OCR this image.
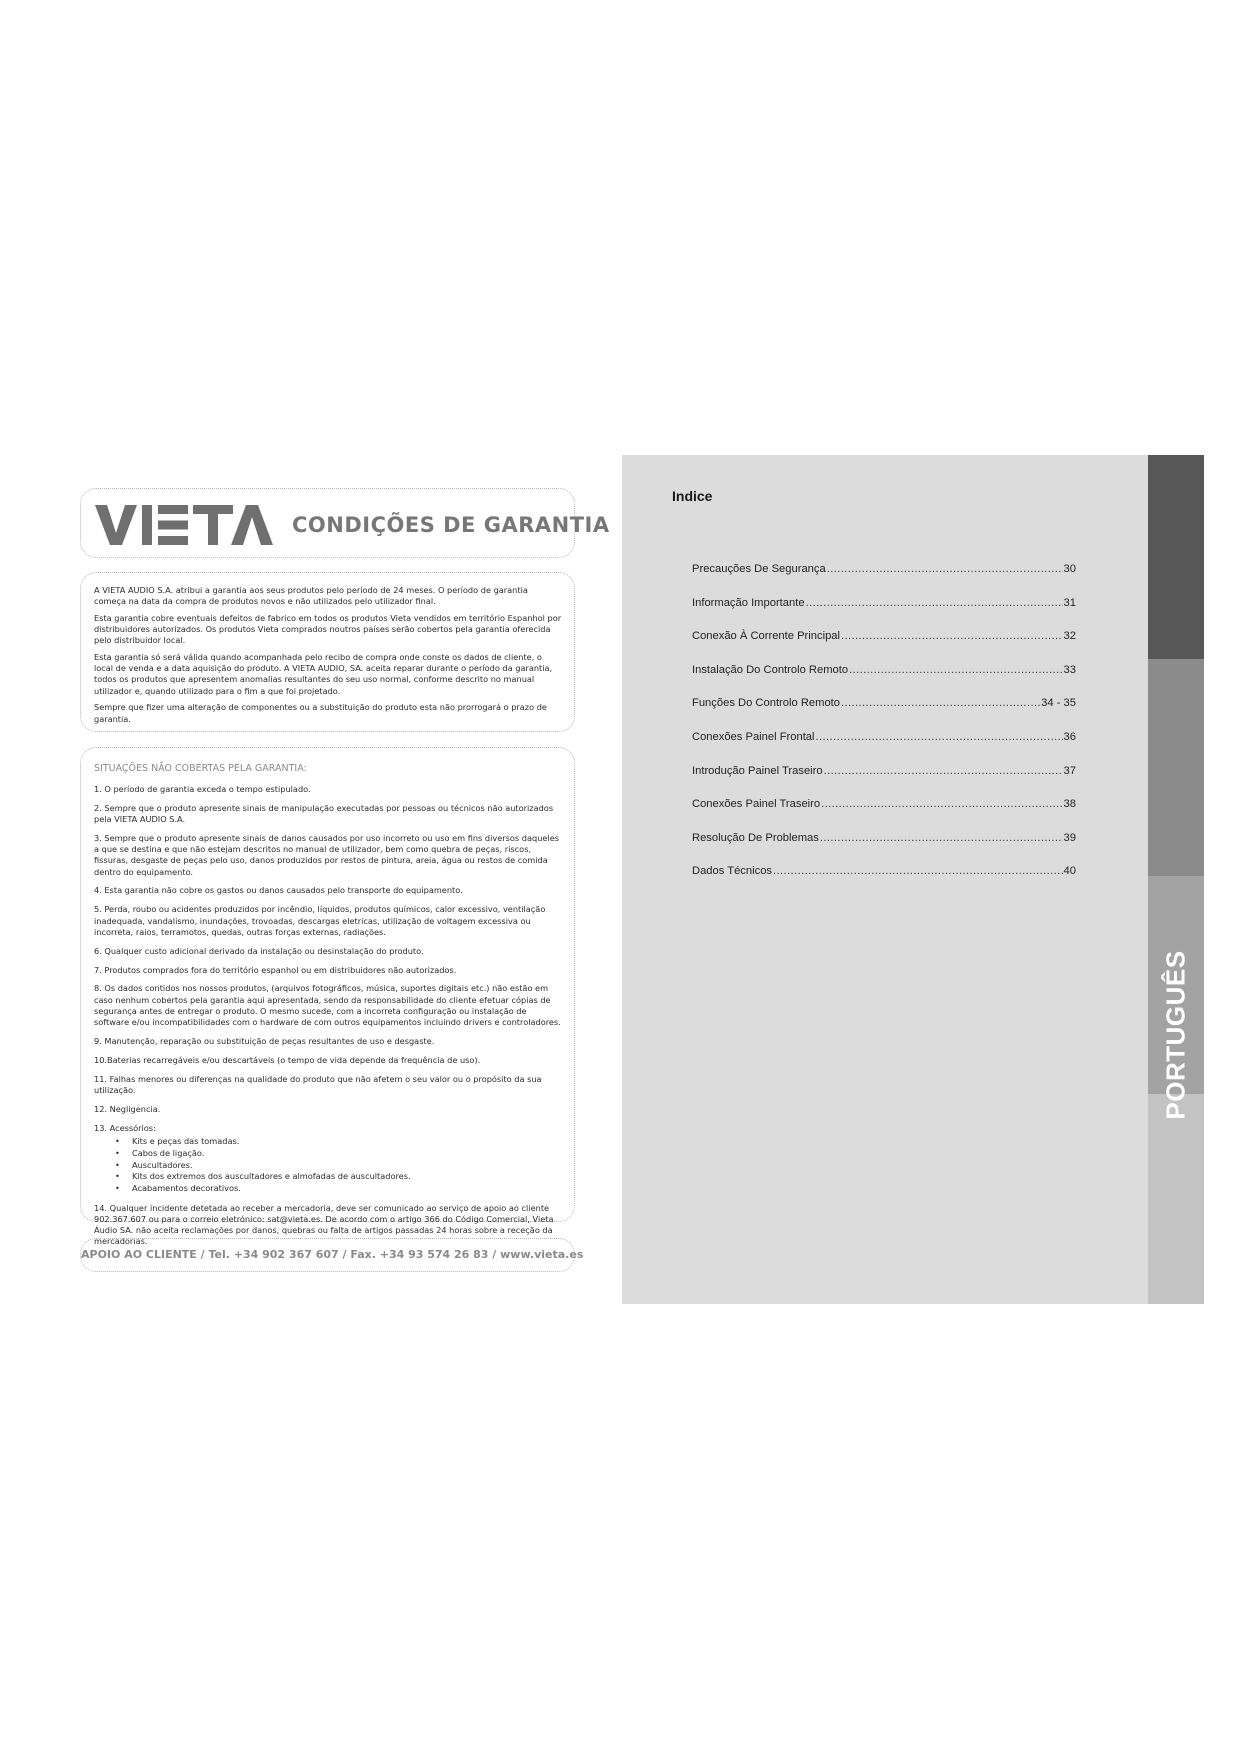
CONDIÇÕES DE GARANTIA

A VIETA AUDIO S.A. atribui a garantia aos seus produtos pelo período de 24 meses. O período de garantia começa na data da compra de produtos novos e não utilizados pelo utilizador final.

Esta garantia cobre eventuais defeitos de fabrico em todos os produtos Vieta vendidos em território Espanhol por distribuidores autorizados. Os produtos Vieta comprados noutros países serão cobertos pela garantia oferecida pelo distribuidor local.

Esta garantia só será válida quando acompanhada pelo recibo de compra onde conste os dados de cliente, o local de venda e a data aquisição do produto. A VIETA AUDIO, SA. aceita reparar durante o período da garantia, todos os produtos que apresentem anomalias resultantes do seu uso normal, conforme descrito no manual utilizador e, quando utilizado para o fim a que foi projetado.

Sempre que fizer uma alteração de componentes ou a substituição do produto esta não prorrogará o prazo de garantia.

SITUAÇÕES NÃO COBERTAS PELA GARANTIA:
1. O período de garantia exceda o tempo estipulado.
2. Sempre que o produto apresente sinais de manipulação executadas por pessoas ou técnicos não autorizados pela VIETA AUDIO S.A.
3. Sempre que o produto apresente sinais de danos causados por uso incorreto ou uso em fins diversos daqueles a que se destina e que não estejam descritos no manual de utilizador, bem como quebra de peças, riscos, fissuras, desgaste de peças pelo uso, danos produzidos por restos de pintura, areia, água ou restos de comida dentro do equipamento.
4. Esta garantia não cobre os gastos ou danos causados pelo transporte do equipamento.
5. Perda, roubo ou acidentes produzidos por incêndio, líquidos, produtos químicos, calor excessivo, ventilação inadequada, vandalismo, inundações, trovoadas, descargas eletricas, utilização de voltagem excessiva ou incorreta, raios, terramotos, quedas, outras forças externas, radiações.
6. Qualquer custo adicional derivado da instalação ou desinstalação do produto.
7. Produtos comprados fora do território espanhol ou em distribuidores não autorizados.
8. Os dados contidos nos nossos produtos, (arquivos fotográficos, música, suportes digitais etc.) não estão em caso nenhum cobertos pela garantia aqui apresentada, sendo da responsabilidade do cliente efetuar cópias de segurança antes de entregar o produto. O mesmo sucede, com a incorreta configuração ou instalação de software e/ou incompatibilidades com o hardware de com outros equipamentos incluindo drivers e controladores.
9. Manutenção, reparação ou substituição de peças resultantes de uso e desgaste.
10.Baterias recarregáveis e/ou descartáveis (o tempo de vida depende da frequência de uso).
11. Falhas menores ou diferenças na qualidade do produto que não afetem o seu valor ou o propósito da sua utilização.
12. Negligencia.
13. Acessórios:
• Kits e peças das tomadas.
• Cabos de ligação.
• Auscultadores.
• Kits dos extremos dos auscultadores e almofadas de auscultadores.
• Acabamentos decorativos.
14. Qualquer incidente detetada ao receber a mercadoria, deve ser comunicado ao serviço de apoio ao cliente 902.367.607 ou para o correio eletrónico: sat@vieta.es. De acordo com o artigo 366 do Código Comercial, Vieta Áudio SA. não aceita reclamações por danos, quebras ou falta de artigos passadas 24 horas sobre a receção da mercadorias.
APOIO AO CLIENTE / Tel. +34 902 367 607 / Fax. +34 93 574 26 83 / www.vieta.es
Indice
Precauções De Segurança .....	30
Informação Importante .....	31
Conexão À Corrente Principal .....	32
Instalação Do Controlo Remoto .....	33
Funções Do Controlo Remoto .....	34 - 35
Conexões Painel Frontal .....	36
Introdução Painel Traseiro .....	37
Conexões Painel Traseiro .....	38
Resolução De Problemas .....	39
Dados Técnicos .....	40
PORTUGUÊS
